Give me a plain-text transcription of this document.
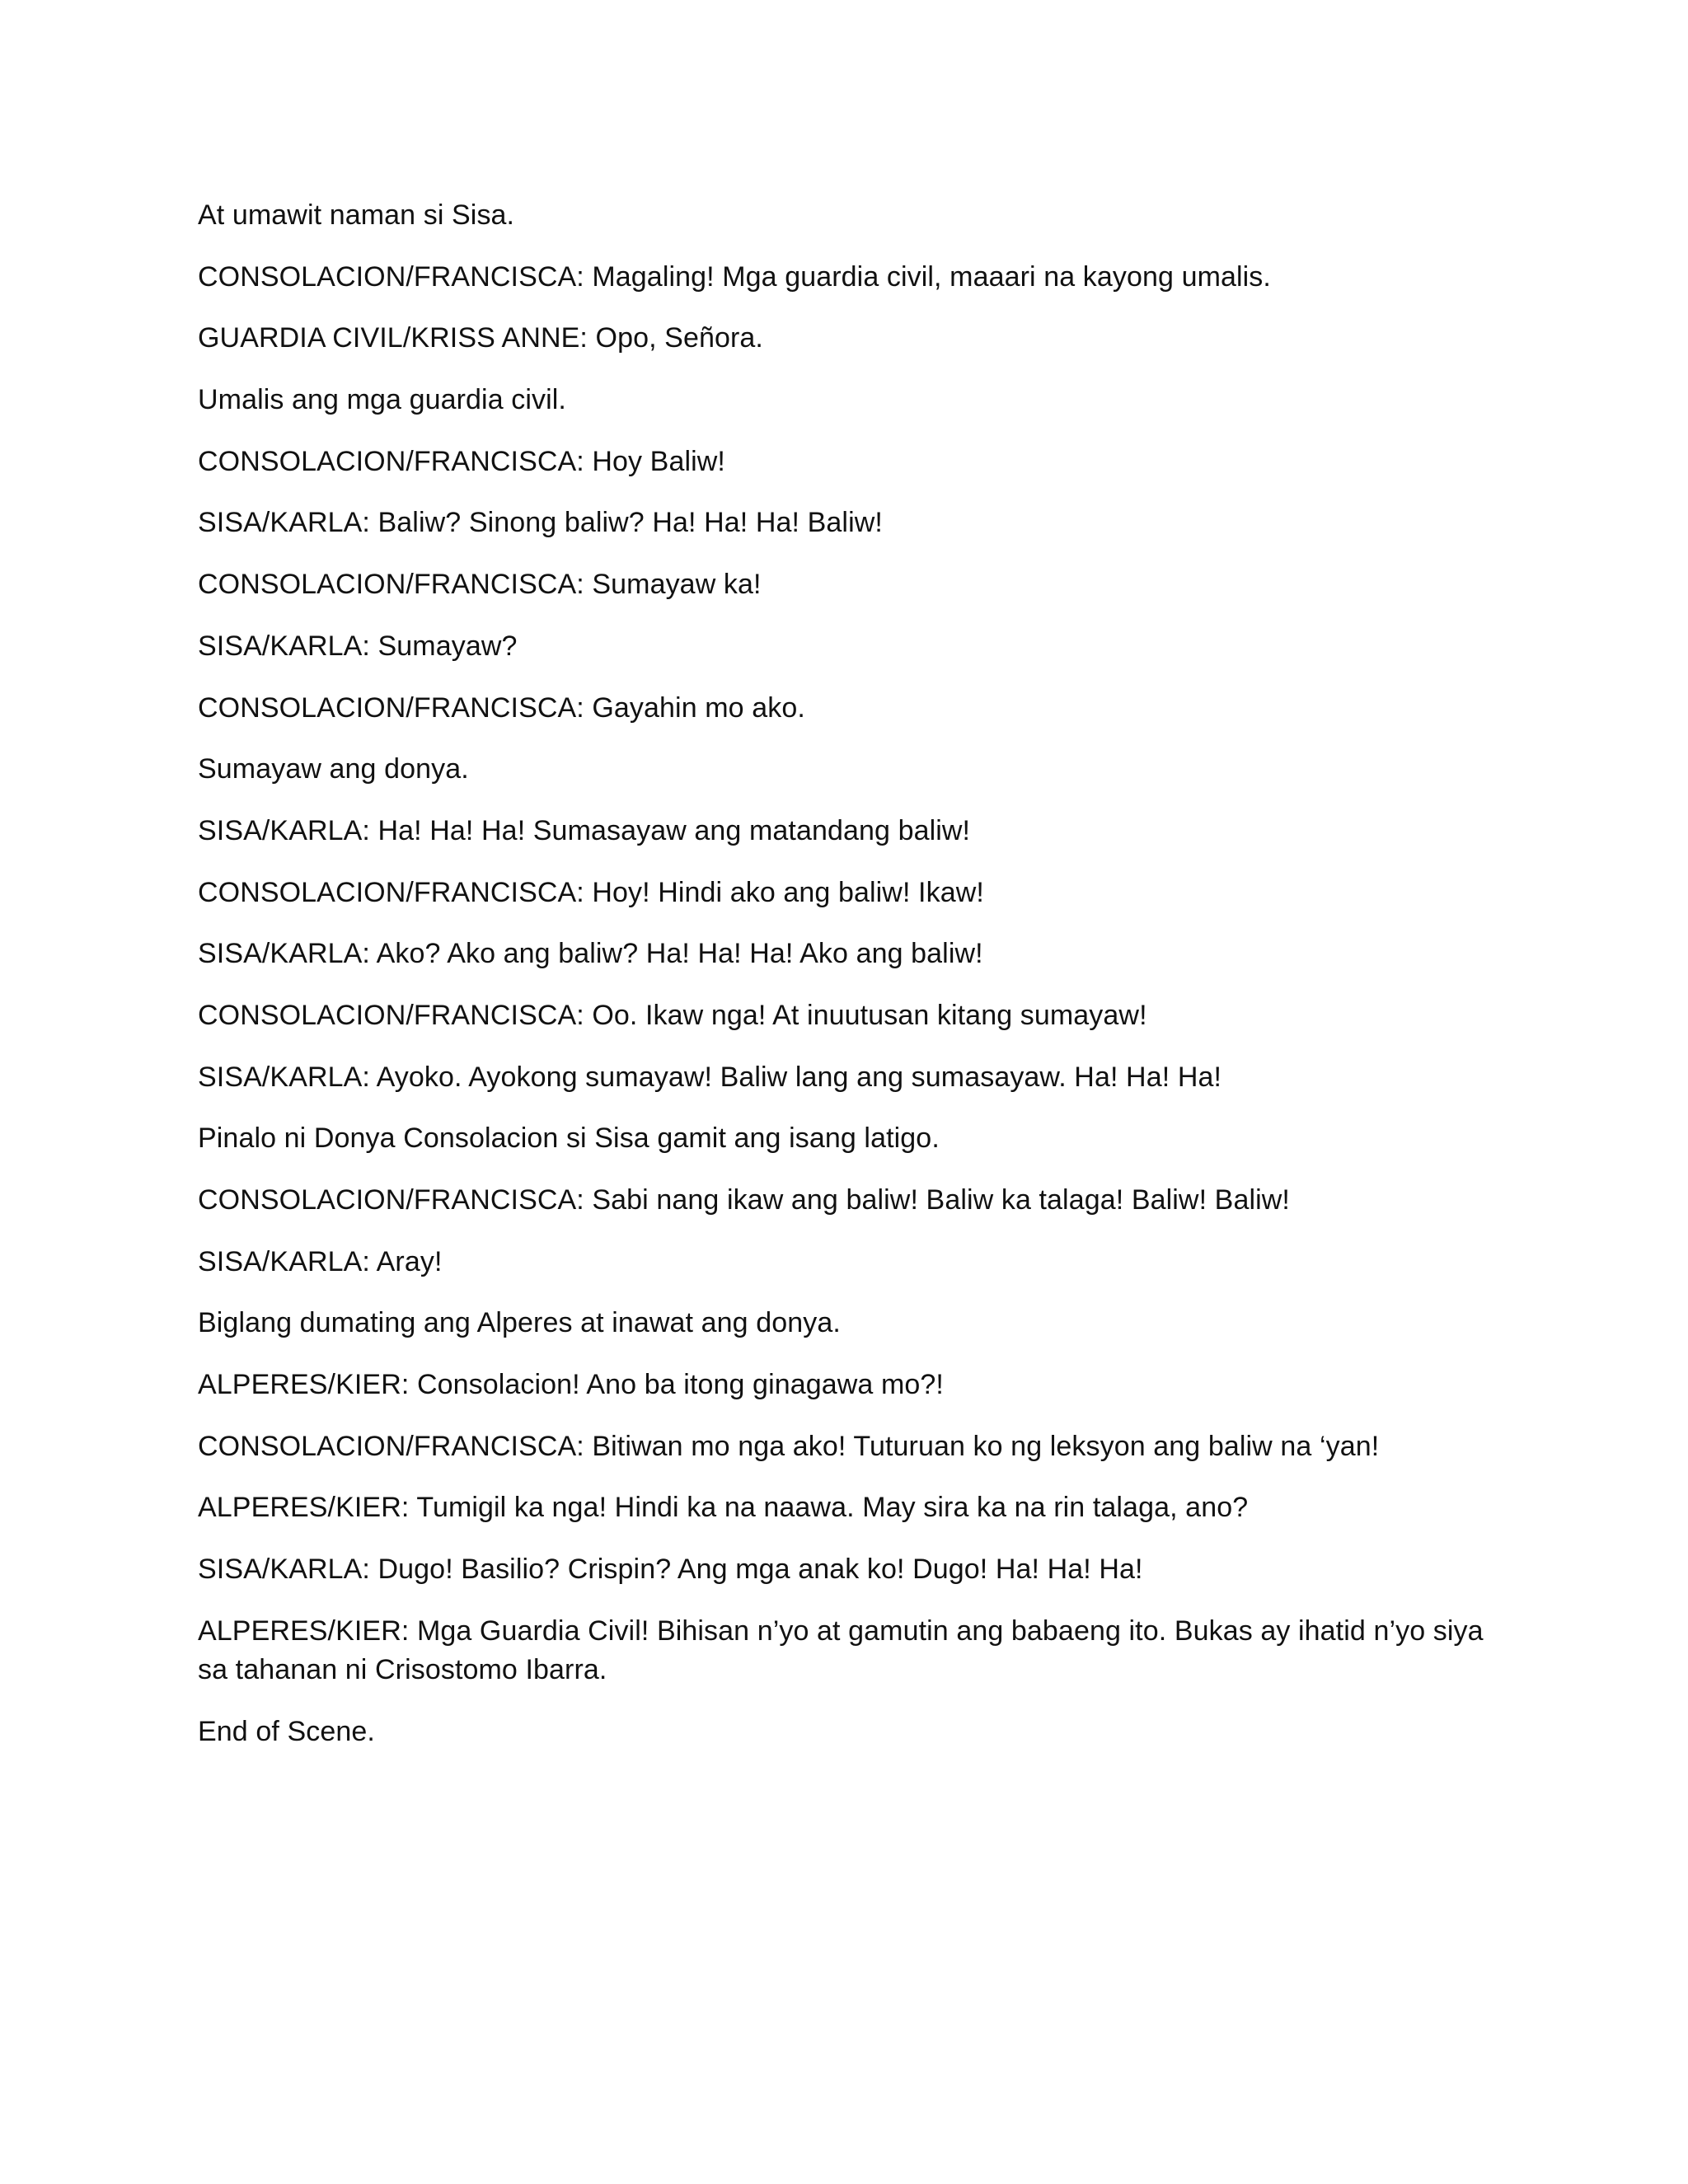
At umawit naman si Sisa.

CONSOLACION/FRANCISCA: Magaling! Mga guardia civil, maaari na kayong umalis.

GUARDIA CIVIL/KRISS ANNE: Opo, Señora.

Umalis ang mga guardia civil.

CONSOLACION/FRANCISCA: Hoy Baliw!

SISA/KARLA: Baliw? Sinong baliw? Ha! Ha! Ha! Baliw!

CONSOLACION/FRANCISCA: Sumayaw ka!

SISA/KARLA: Sumayaw?

CONSOLACION/FRANCISCA: Gayahin mo ako.

Sumayaw ang donya.

SISA/KARLA: Ha! Ha! Ha! Sumasayaw ang matandang baliw!

CONSOLACION/FRANCISCA: Hoy! Hindi ako ang baliw! Ikaw!

SISA/KARLA: Ako? Ako ang baliw? Ha! Ha! Ha! Ako ang baliw!

CONSOLACION/FRANCISCA: Oo. Ikaw nga! At inuutusan kitang sumayaw!

SISA/KARLA: Ayoko. Ayokong sumayaw! Baliw lang ang sumasayaw. Ha! Ha! Ha!

Pinalo ni Donya Consolacion si Sisa gamit ang isang latigo.

CONSOLACION/FRANCISCA: Sabi nang ikaw ang baliw! Baliw ka talaga! Baliw! Baliw!

SISA/KARLA: Aray!

Biglang dumating ang Alperes at inawat ang donya.

ALPERES/KIER: Consolacion! Ano ba itong ginagawa mo?!

CONSOLACION/FRANCISCA: Bitiwan mo nga ako! Tuturuan ko ng leksyon ang baliw na ‘yan!

ALPERES/KIER: Tumigil ka nga! Hindi ka na naawa. May sira ka na rin talaga, ano?

SISA/KARLA: Dugo! Basilio? Crispin? Ang mga anak ko! Dugo! Ha! Ha! Ha!

ALPERES/KIER: Mga Guardia Civil! Bihisan n’yo at gamutin ang babaeng ito. Bukas ay ihatid n’yo siya sa tahanan ni Crisostomo Ibarra.

End of Scene.
